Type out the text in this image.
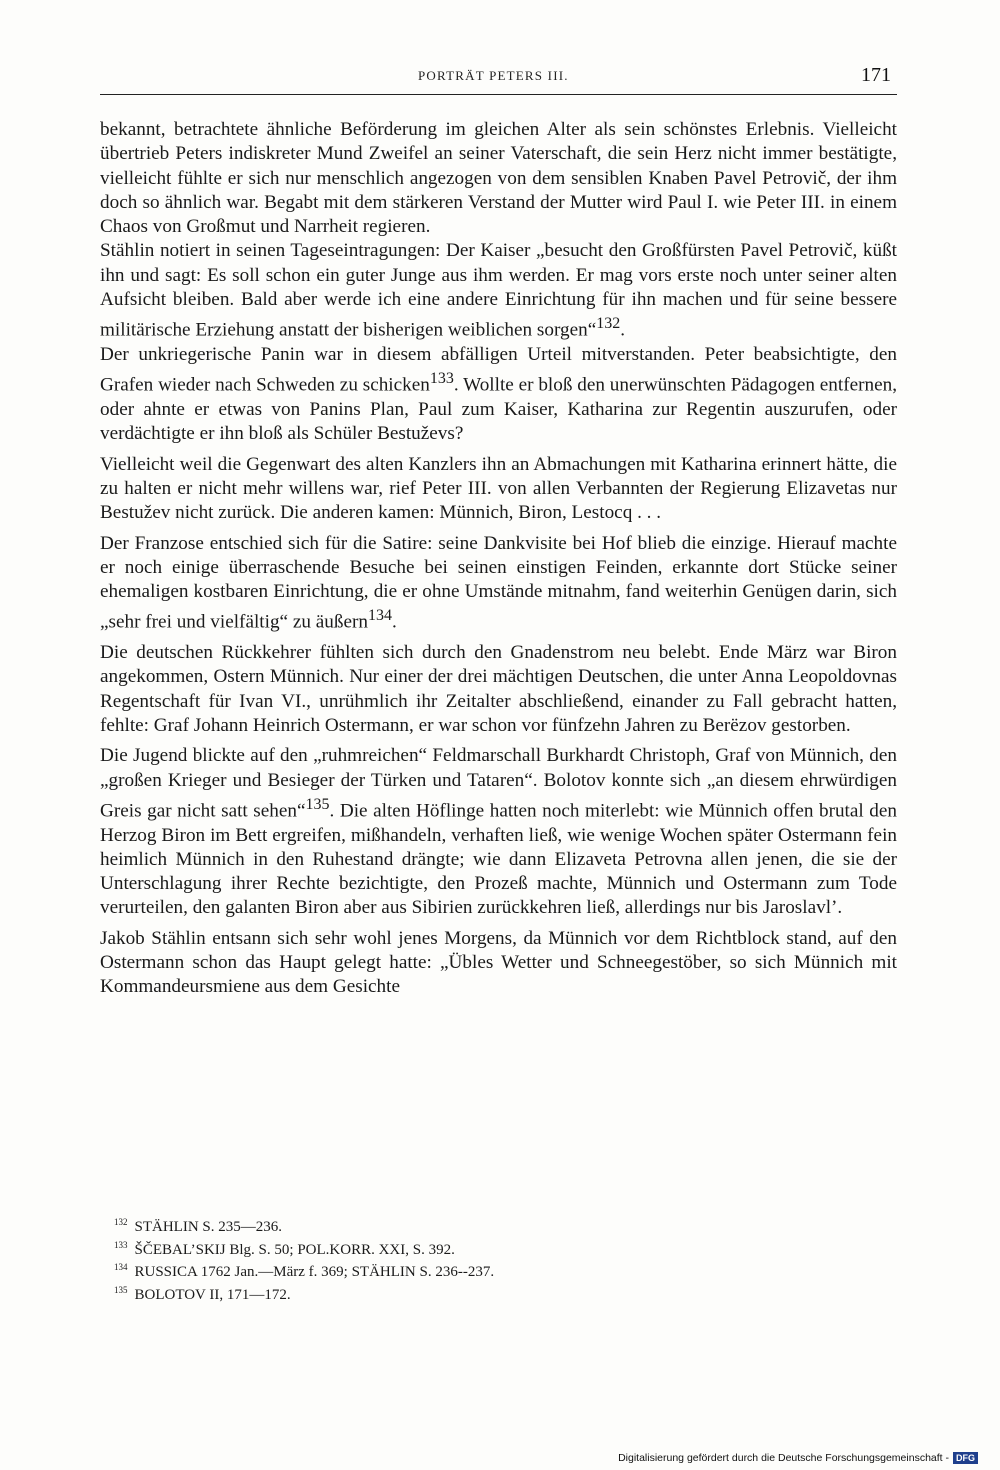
PORTRÄT PETERS III.	171

bekannt, betrachtete ähnliche Beförderung im gleichen Alter als sein schönstes Erlebnis. Vielleicht übertrieb Peters indiskreter Mund Zweifel an seiner Vaterschaft, die sein Herz nicht immer bestätigte, vielleicht fühlte er sich nur menschlich angezogen von dem sensiblen Knaben Pavel Petrovič, der ihm doch so ähnlich war. Begabt mit dem stärkeren Verstand der Mutter wird Paul I. wie Peter III. in einem Chaos von Großmut und Narrheit regieren.

Stählin notiert in seinen Tageseintragungen: Der Kaiser „besucht den Großfürsten Pavel Petrovič, küßt ihn und sagt: Es soll schon ein guter Junge aus ihm werden. Er mag vors erste noch unter seiner alten Aufsicht bleiben. Bald aber werde ich eine andere Einrichtung für ihn machen und für seine bessere militärische Erziehung anstatt der bisherigen weiblichen sorgen“$^{132}$.

Der unkriegerische Panin war in diesem abfälligen Urteil mitverstanden. Peter beabsichtigte, den Grafen wieder nach Schweden zu schicken$^{133}$. Wollte er bloß den unerwünschten Pädagogen entfernen, oder ahnte er etwas von Panins Plan, Paul zum Kaiser, Katharina zur Regentin auszurufen, oder verdächtigte er ihn bloß als Schüler Bestuževs?

Vielleicht weil die Gegenwart des alten Kanzlers ihn an Abmachungen mit Katharina erinnert hätte, die zu halten er nicht mehr willens war, rief Peter III. von allen Verbannten der Regierung Elizavetas nur Bestužev nicht zurück. Die anderen kamen: Münnich, Biron, Lestocq . . .

Der Franzose entschied sich für die Satire: seine Dankvisite bei Hof blieb die einzige. Hierauf machte er noch einige überraschende Besuche bei seinen einstigen Feinden, erkannte dort Stücke seiner ehemaligen kostbaren Einrichtung, die er ohne Umstände mitnahm, fand weiterhin Genügen darin, sich „sehr frei und vielfältig“ zu äußern$^{134}$.

Die deutschen Rückkehrer fühlten sich durch den Gnadenstrom neu belebt. Ende März war Biron angekommen, Ostern Münnich. Nur einer der drei mächtigen Deutschen, die unter Anna Leopoldovnas Regentschaft für Ivan VI., unrühmlich ihr Zeitalter abschließend, einander zu Fall gebracht hatten, fehlte: Graf Johann Heinrich Ostermann, er war schon vor fünfzehn Jahren zu Berëzov gestorben.

Die Jugend blickte auf den „ruhmreichen“ Feldmarschall Burkhardt Christoph, Graf von Münnich, den „großen Krieger und Besieger der Türken und Tataren“. Bolotov konnte sich „an diesem ehrwürdigen Greis gar nicht satt sehen“$^{135}$. Die alten Höflinge hatten noch miterlebt: wie Münnich offen brutal den Herzog Biron im Bett ergreifen, mißhandeln, verhaften ließ, wie wenige Wochen später Ostermann fein heimlich Münnich in den Ruhestand drängte; wie dann Elizaveta Petrovna allen jenen, die sie der Unterschlagung ihrer Rechte bezichtigte, den Prozeß machte, Münnich und Ostermann zum Tode verurteilen, den galanten Biron aber aus Sibirien zurückkehren ließ, allerdings nur bis Jaroslavl’.

Jakob Stählin entsann sich sehr wohl jenes Morgens, da Münnich vor dem Richtblock stand, auf den Ostermann schon das Haupt gelegt hatte: „Übles Wetter und Schneegestöber, so sich Münnich mit Kommandeursmiene aus dem Gesichte

$^{132}$ STÄHLIN S. 235—236.
$^{133}$ ŠČEBAL’SKIJ Blg. S. 50; POL.KORR. XXI, S. 392.
$^{134}$ RUSSICA 1762 Jan.—März f. 369; STÄHLIN S. 236--237.
$^{135}$ BOLOTOV II, 171—172.
Digitalisierung gefördert durch die Deutsche Forschungsgemeinschaft - DFG
